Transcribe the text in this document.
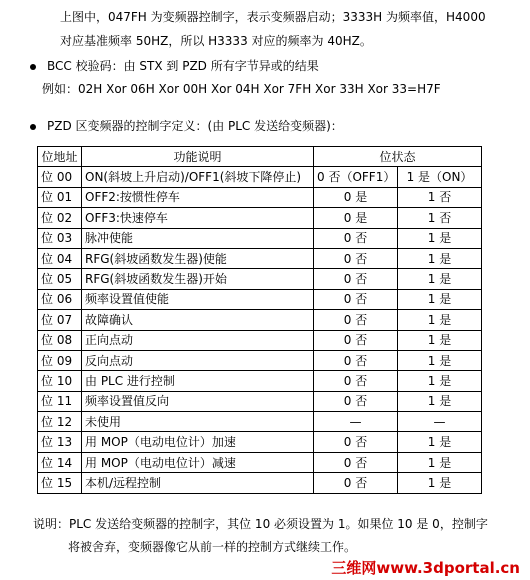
上图中，047FH 为变频器控制字，表示变频器启动；3333H 为频率值，H4000
对应基准频率 50HZ，所以 H3333 对应的频率为 40HZ。
BCC 校验码：由 STX 到 PZD 所有字节异或的结果
例如：02H Xor 06H Xor 00H Xor 04H Xor 7FH Xor 33H Xor 33=H7F
PZD 区变频器的控制字定义：(由 PLC 发送给变频器)：
位地址	功能说明	位状态	
位 00	ON(斜坡上升启动)/OFF1(斜坡下降停止)	0 否（OFF1）	1 是（ON）
位 01	OFF2:按惯性停车	0 是	1 否
位 02	OFF3:快速停车	0 是	1 否
位 03	脉冲使能	0 否	1 是
位 04	RFG(斜坡函数发生器)使能	0 否	1 是
位 05	RFG(斜坡函数发生器)开始	0 否	1 是
位 06	频率设置值使能	0 否	1 是
位 07	故障确认	0 否	1 是
位 08	正向点动	0 否	1 是
位 09	反向点动	0 否	1 是
位 10	由 PLC 进行控制	0 否	1 是
位 11	频率设置值反向	0 否	1 是
位 12	未使用	—	—
位 13	用 MOP（电动电位计）加速	0 否	1 是
位 14	用 MOP（电动电位计）减速	0 否	1 是
位 15	本机/远程控制	0 否	1 是
说明：PLC 发送给变频器的控制字，其位 10 必须设置为 1。如果位 10 是 0，控制字
将被舍弃，变频器像它从前一样的控制方式继续工作。
三维网www.3dportal.cn
